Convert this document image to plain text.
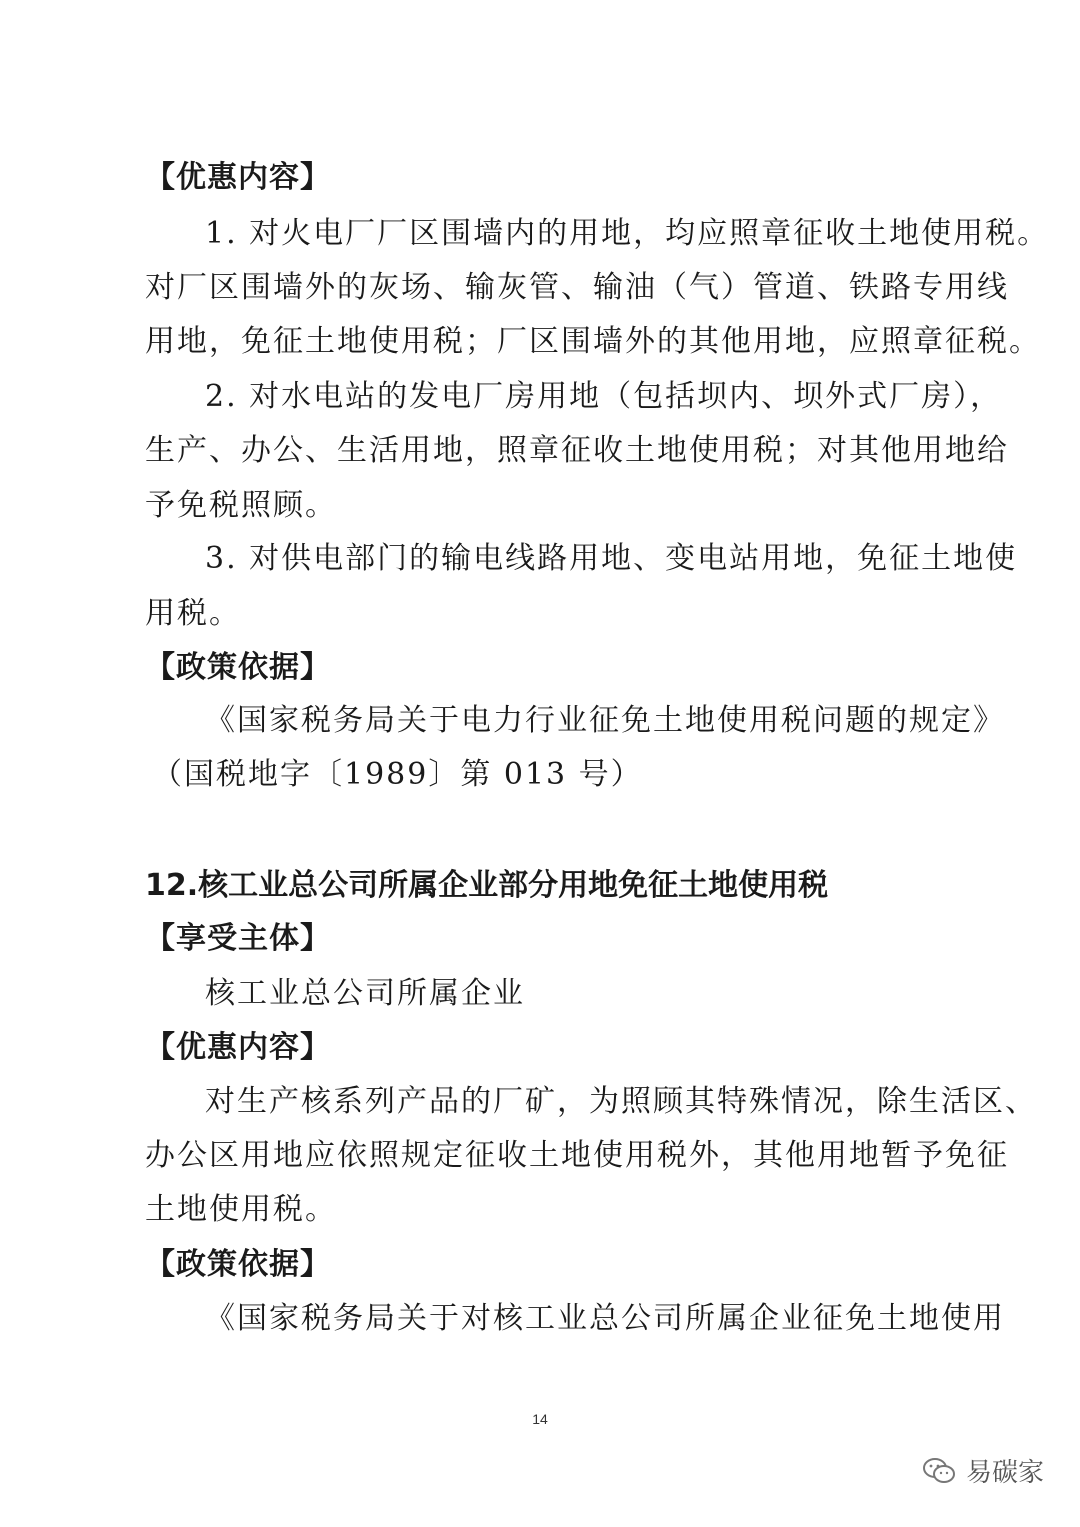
【优惠内容】
1. 对火电厂厂区围墙内的用地，均应照章征收土地使用税。
对厂区围墙外的灰场、输灰管、输油（气）管道、铁路专用线
用地，免征土地使用税；厂区围墙外的其他用地，应照章征税。
2. 对水电站的发电厂房用地（包括坝内、坝外式厂房），
生产、办公、生活用地，照章征收土地使用税；对其他用地给
予免税照顾。
3. 对供电部门的输电线路用地、变电站用地，免征土地使
用税。
【政策依据】
《国家税务局关于电力行业征免土地使用税问题的规定》
（国税地字〔1989〕第 013 号）
12.核工业总公司所属企业部分用地免征土地使用税
【享受主体】
核工业总公司所属企业
【优惠内容】
对生产核系列产品的厂矿，为照顾其特殊情况，除生活区、
办公区用地应依照规定征收土地使用税外，其他用地暂予免征
土地使用税。
【政策依据】
《国家税务局关于对核工业总公司所属企业征免土地使用
14
易碳家
